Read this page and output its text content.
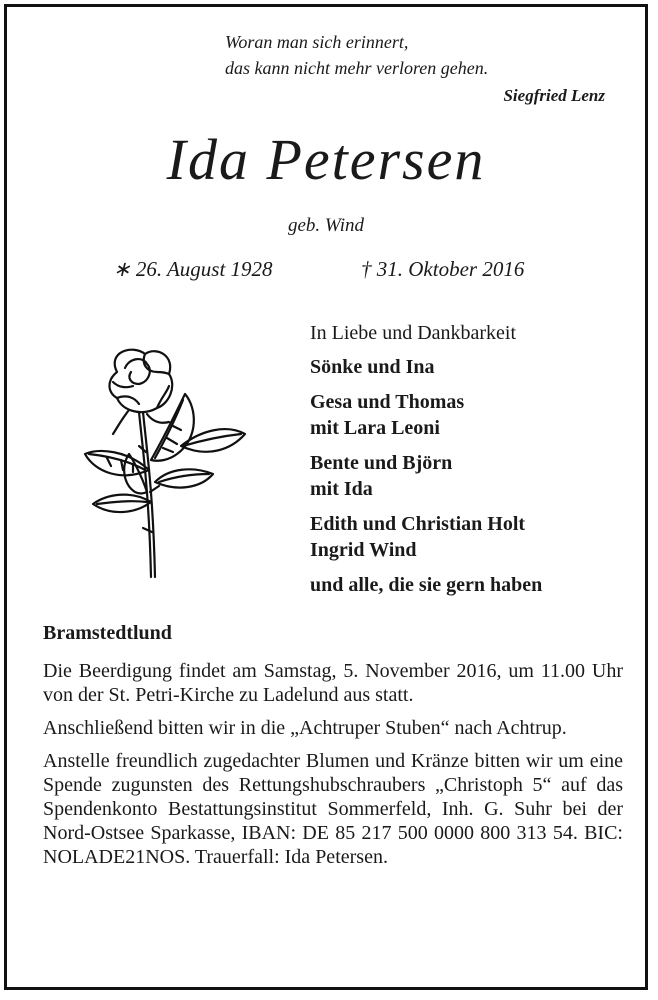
Woran man sich erinnert,
das kann nicht mehr verloren gehen.
Siegfried Lenz
Ida Petersen
geb. Wind
∗ 26. August 1928	† 31. Oktober 2016
In Liebe und Dankbarkeit
Sönke und Ina
Gesa und Thomas
mit Lara Leoni
Bente und Björn
mit Ida
Edith und Christian Holt
Ingrid Wind
und alle, die sie gern haben
Bramstedtlund

Die Beerdigung findet am Samstag, 5. November 2016, um 11.00 Uhr von der St. Petri-Kirche zu Ladelund aus statt.

Anschließend bitten wir in die „Achtruper Stuben“ nach Achtrup.

Anstelle freundlich zugedachter Blumen und Kränze bitten wir um eine Spende zugunsten des Rettungshubschraubers „Christoph 5“ auf das Spendenkonto Bestattungsinstitut Sommerfeld, Inh. G. Suhr bei der Nord-Ostsee Sparkasse, IBAN: DE 85 217 500 0000 800 313 54. BIC: NOLADE21NOS. Trauerfall: Ida Petersen.
